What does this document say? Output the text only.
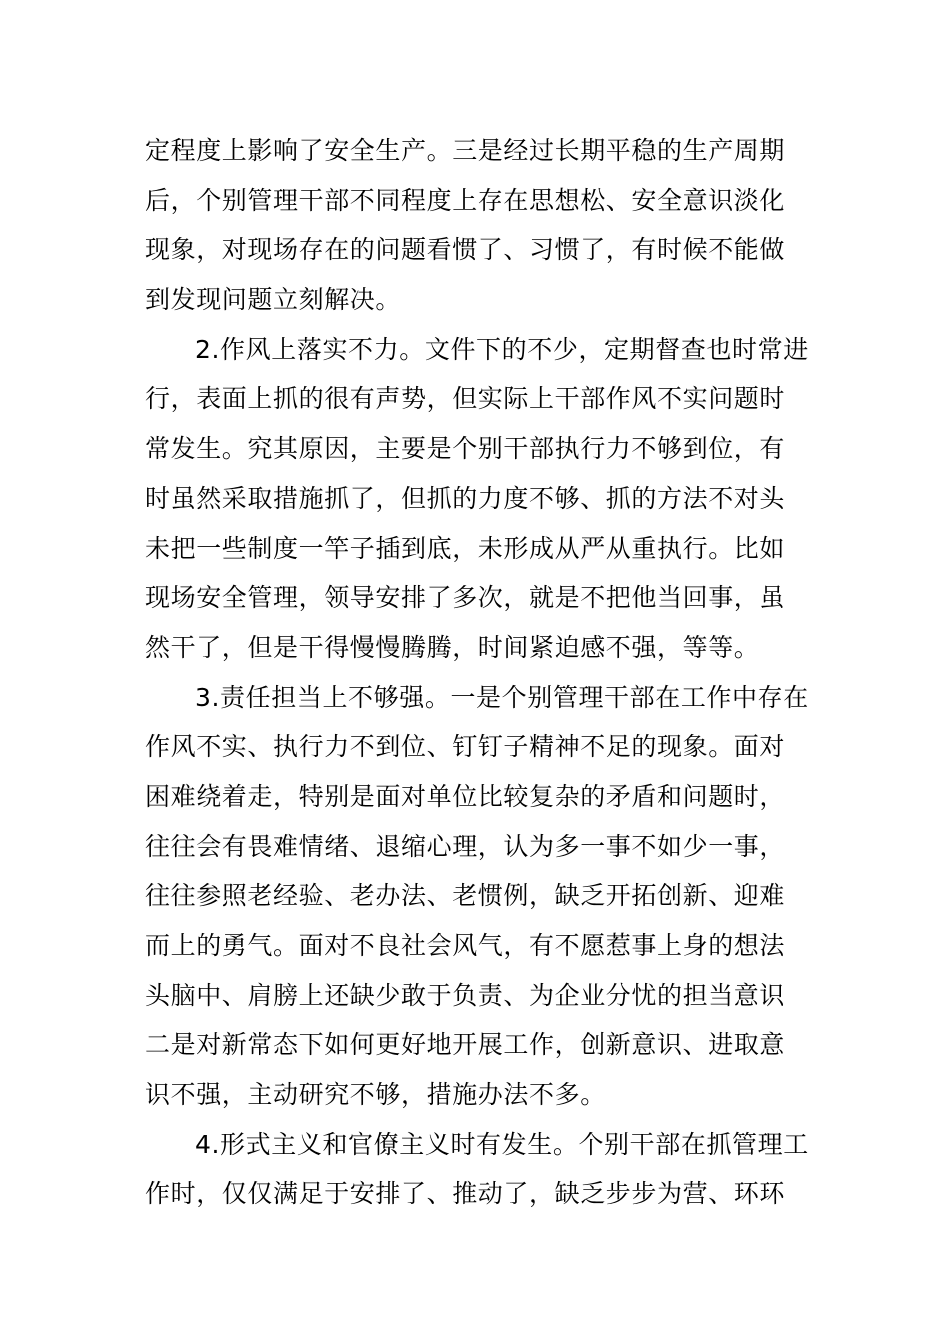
定程度上影响了安全生产。三是经过长期平稳的生产周期
后，个别管理干部不同程度上存在思想松、安全意识淡化
现象，对现场存在的问题看惯了、习惯了，有时候不能做
到发现问题立刻解决。
2.作风上落实不力。文件下的不少，定期督查也时常进
行，表面上抓的很有声势，但实际上干部作风不实问题时
常发生。究其原因，主要是个别干部执行力不够到位，有
时虽然采取措施抓了，但抓的力度不够、抓的方法不对头
未把一些制度一竿子插到底，未形成从严从重执行。比如
现场安全管理，领导安排了多次，就是不把他当回事，虽
然干了，但是干得慢慢腾腾，时间紧迫感不强，等等。
3.责任担当上不够强。一是个别管理干部在工作中存在
作风不实、执行力不到位、钉钉子精神不足的现象。面对
困难绕着走，特别是面对单位比较复杂的矛盾和问题时，
往往会有畏难情绪、退缩心理，认为多一事不如少一事，
往往参照老经验、老办法、老惯例，缺乏开拓创新、迎难
而上的勇气。面对不良社会风气，有不愿惹事上身的想法
头脑中、肩膀上还缺少敢于负责、为企业分忧的担当意识
二是对新常态下如何更好地开展工作，创新意识、进取意
识不强，主动研究不够，措施办法不多。
4.形式主义和官僚主义时有发生。个别干部在抓管理工
作时，仅仅满足于安排了、推动了，缺乏步步为营、环环
